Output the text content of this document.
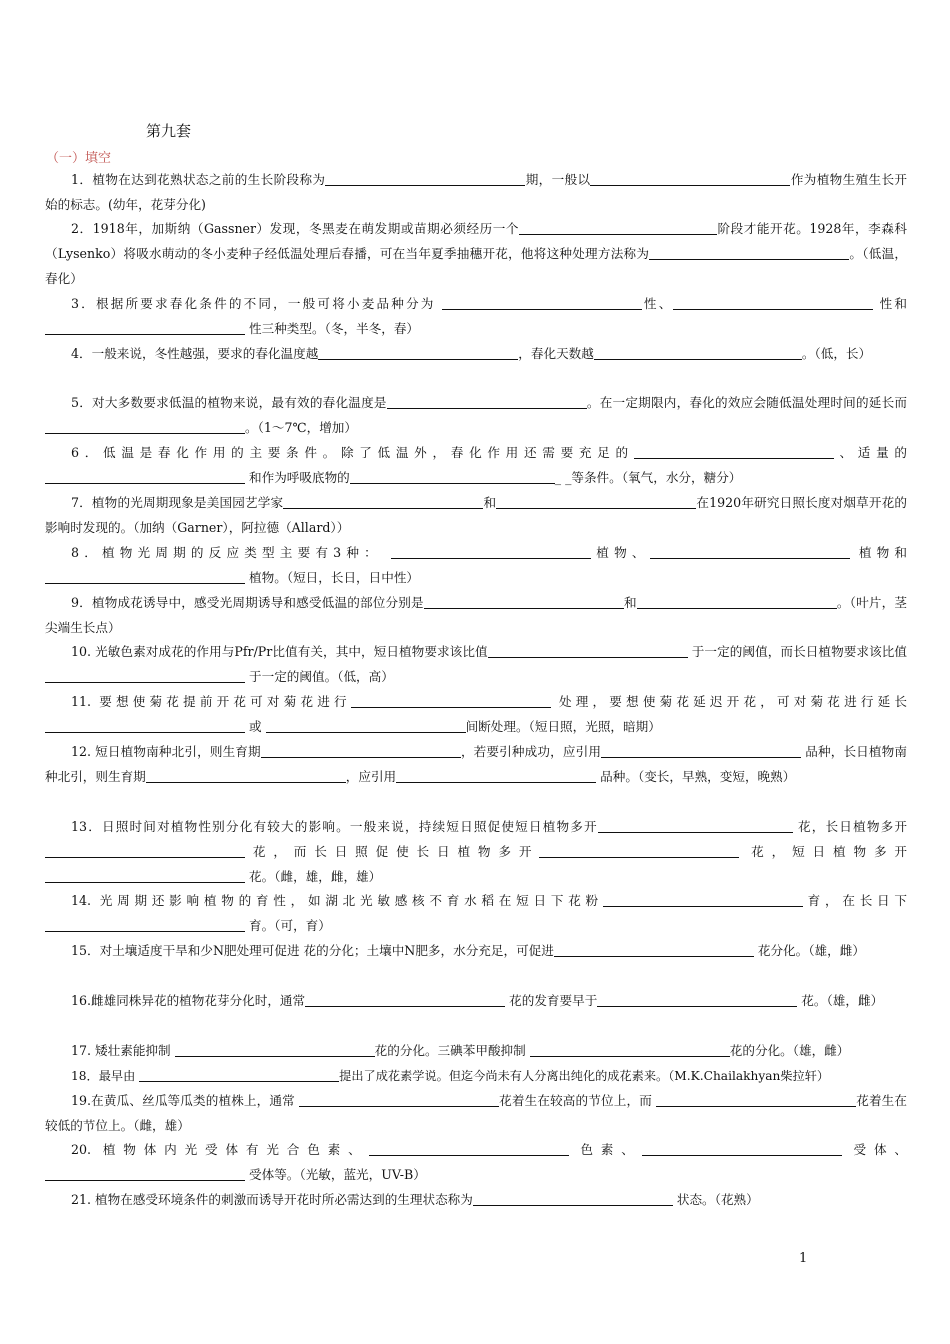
第九套
（一）填空
1．植物在达到花熟状态之前的生长阶段称为	期，一般以	作为植物生殖生长开始的标志。(幼年，花芽分化)
2．1918年，加斯纳（Gassner）发现，冬黑麦在萌发期或苗期必须经历一个	阶段才能开花。1928年，李森科（Lysenko）将吸水萌动的冬小麦种子经低温处理后春播，可在当年夏季抽穗开花，他将这种处理方法称为	。（低温，春化）
3．根据所要求春化条件的不同，一般可将小麦品种分为	性、	性和 性三种类型。（冬，半冬，春）
4．一般来说，冬性越强，要求的春化温度越	，春化天数越	。（低，长）
5．对大多数要求低温的植物来说，最有效的春化温度是	。在一定期限内，春化的效应会随低温处理时间的延长而。（1～7℃，增加）
6．低温是春化作用的主要条件。除了低温外，春化作用还需要充足的	、适量的 和作为呼吸底物的	_ _等条件。（氧气，水分，糖分）
7．植物的光周期现象是美国园艺学家	和	在1920年研究日照长度对烟草开花的影响时发现的。（加纳（Garner），阿拉德（Allard））
8．植物光周期的反应类型主要有3种：	植物、	植物和 植物。（短日，长日，日中性）
9．植物成花诱导中，感受光周期诱导和感受低温的部位分别是	和	。（叶片，茎尖端生长点）
10. 光敏色素对成花的作用与Pfr/Pr比值有关，其中，短日植物要求该比值	于一定的阈值，而长日植物要求该比值 于一定的阈值。（低，高）
11. 要想使菊花提前开花可对菊花进行	处理，要想使菊花延迟开花，可对菊花进行延长 或	间断处理。（短日照，光照，暗期）
12. 短日植物南种北引，则生育期	，若要引种成功，应引用	品种，长日植物南种北引，则生育期	，应引用	品种。（变长，早熟，变短，晚熟）
13．日照时间对植物性别分化有较大的影响。一般来说，持续短日照促使短日植物多开	花，长日植物多开 花，而长日照促使长日植物多开	花，短日植物多开 花。（雌，雄，雌，雄）
14. 光周期还影响植物的育性，如湖北光敏感核不育水稻在短日下花粉	育，在长日下 育。（可，育）
15．对土壤适度干旱和少N肥处理可促进 花的分化；土壤中N肥多，水分充足，可促进	花分化。（雄，雌）
16.雌雄同株异花的植物花芽分化时，通常	花的发育要早于	花。（雄，雌）
17. 矮壮素能抑制	花的分化。三碘苯甲酸抑制	花的分化。（雄，雌）
18．最早由	提出了成花素学说。但迄今尚未有人分离出纯化的成花素来。（M.K.Chailakhyan柴拉轩）
19.在黄瓜、丝瓜等瓜类的植株上，通常	花着生在较高的节位上，而	花着生在较低的节位上。（雌，雄）
20. 植物体内光受体有光合色素、	色素、	受体、 受体等。（光敏，蓝光，UV-B）
21. 植物在感受环境条件的刺激而诱导开花时所必需达到的生理状态称为	状态。（花熟）
1
